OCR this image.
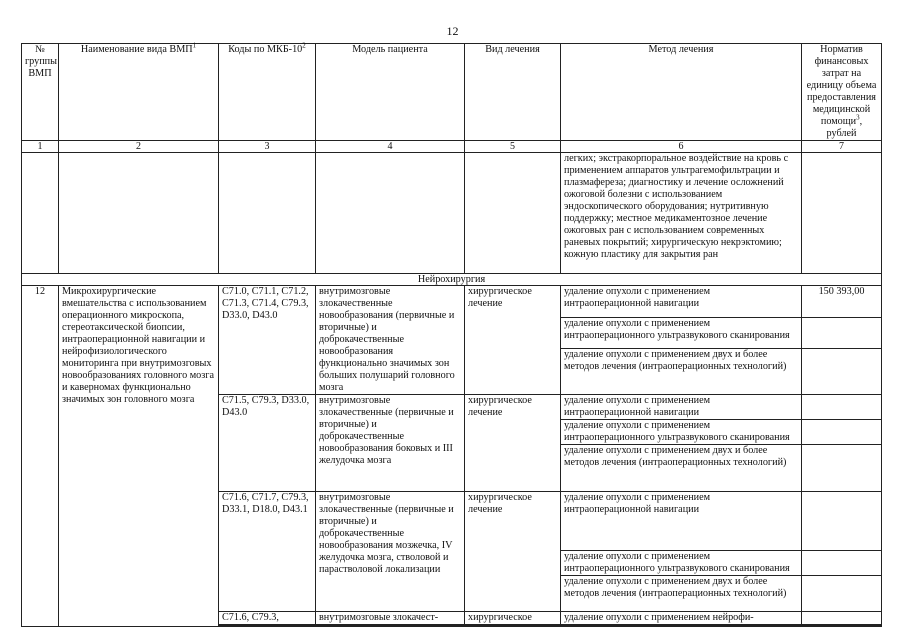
12
№ группы ВМП	Наименование вида ВМП$^1$	Коды по МКБ-$10^2$	Модель пациента	Вид лечения	Метод лечения	Норматив финансовых затрат на единицу объема предоставления медицинской помощи$^3$, рублей
1	2	3	4	5	6	7
					легких; экстракорпоральное воздействие на кровь с применением аппаратов ультрагемофильтрации и плазмафереза; диагностику и лечение осложнений ожоговой болезни с использованием эндоскопического оборудования; нутритивную поддержку; местное медикаментозное лечение ожоговых ран с использованием современных раневых покрытий; хирургическую некрэктомию; кожную пластику для закрытия ран	
Нейрохирургия						
12	Микрохирургические вмешательства с использованием операционного микроскопа, стереотаксической биопсии, интраоперационной навигации и нейрофизиологического мониторинга при внутримозговых новообразованиях головного мозга и каверномах функционально значимых зон головного мозга	C71.0, C71.1, C71.2, C71.3, C71.4, C79.3, D33.0, D43.0	внутримозговые злокачественные новообразования (первичные и вторичные) и доброкачественные новообразования функционально значимых зон больших полушарий головного мозга	хирургическое лечение	удаление опухоли с применением интраоперационной навигации	150 393,00
					удаление опухоли с применением интраоперационного ультразвукового сканирования	
					удаление опухоли с применением двух и более методов лечения (интраоперационных технологий)	
		C71.5, C79.3, D33.0, D43.0	внутримозговые злокачественные (первичные и вторичные) и доброкачественные новообразования боковых и III желудочка мозга	хирургическое лечение	удаление опухоли с применением интраоперационной навигации	
					удаление опухоли с применением интраоперационного ультразвукового сканирования	
					удаление опухоли с применением двух и более методов лечения (интраоперационных технологий)	
		C71.6, C71.7, C79.3, D33.1, D18.0, D43.1	внутримозговые злокачественные (первичные и вторичные) и доброкачественные новообразования мозжечка, IV желудочка мозга, стволовой и парастволовой локализации	хирургическое лечение	удаление опухоли с применением интраоперационной навигации	
					удаление опухоли с применением интраоперационного ультразвукового сканирования	
					удаление опухоли с применением двух и более методов лечения (интраоперационных технологий)	
		C71.6, C79.3,	внутримозговые злокачест-	хирургическое	удаление опухоли с применением нейрофи-	
